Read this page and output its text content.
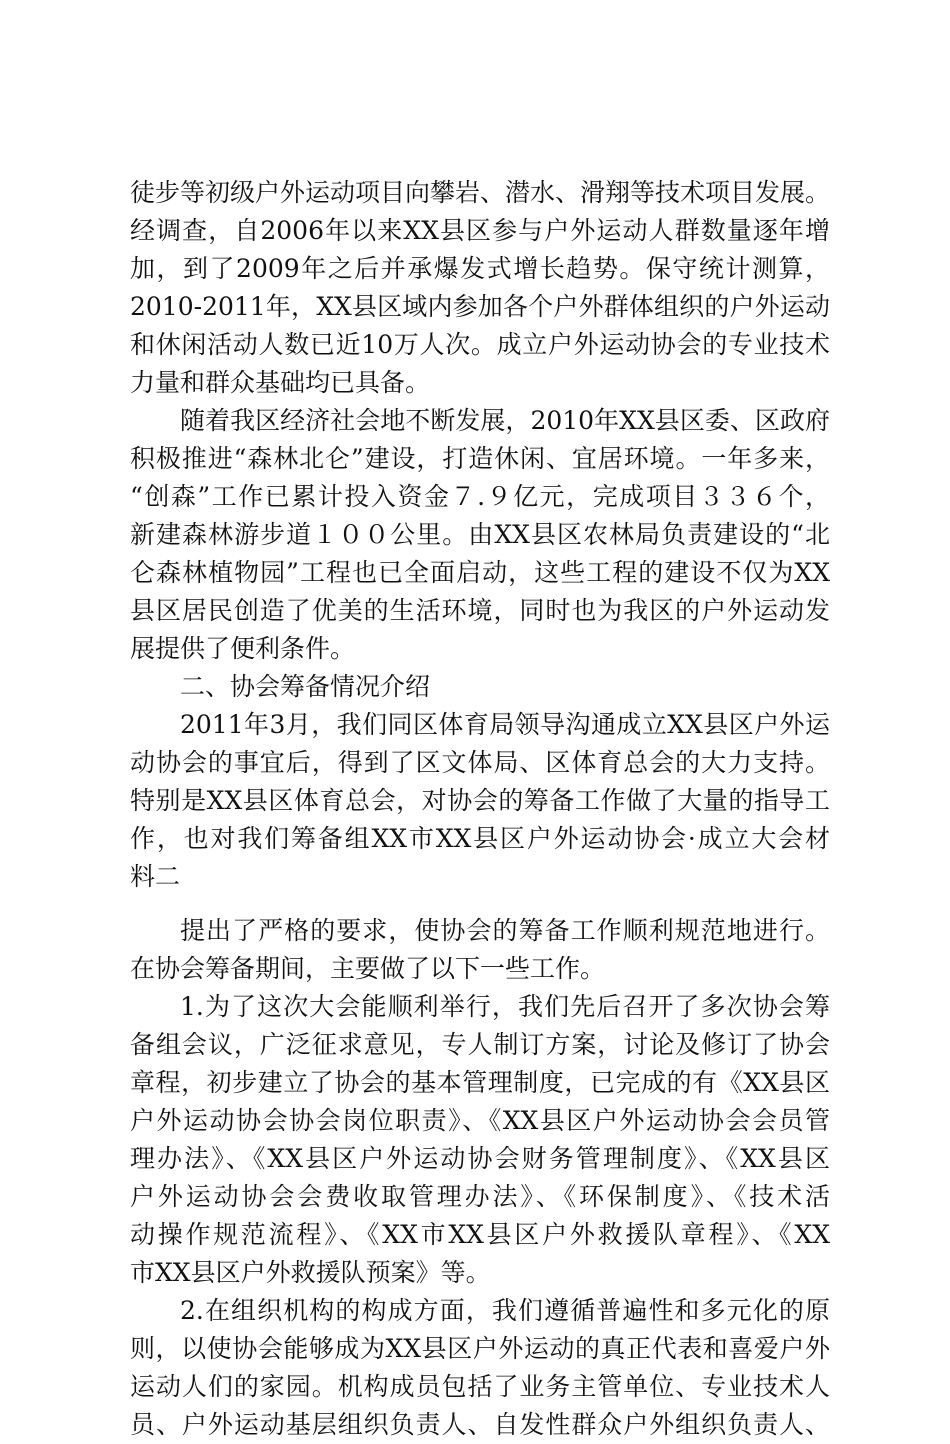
徒步等初级户外运动项目向攀岩、潜水、滑翔等技术项目发展。
经调查，自2006年以来XX县区参与户外运动人群数量逐年增
加，到了2009年之后并承爆发式增长趋势。保守统计测算，
2010-2011年，XX县区域内参加各个户外群体组织的户外运动
和休闲活动人数已近10万人次。成立户外运动协会的专业技术
力量和群众基础均已具备。
随着我区经济社会地不断发展，2010年XX县区委、区政府
积极推进“森林北仑”建设，打造休闲、宜居环境。一年多来，
“创森”工作已累计投入资金７.９亿元，完成项目３３６个，
新建森林游步道１００公里。由XX县区农林局负责建设的“北
仑森林植物园”工程也已全面启动，这些工程的建设不仅为XX
县区居民创造了优美的生活环境，同时也为我区的户外运动发
展提供了便利条件。
二、协会筹备情况介绍
2011年3月，我们同区体育局领导沟通成立XX县区户外运
动协会的事宜后，得到了区文体局、区体育总会的大力支持。
特别是XX县区体育总会，对协会的筹备工作做了大量的指导工
作，也对我们筹备组XX市XX县区户外运动协会·成立大会材
料二
提出了严格的要求，使协会的筹备工作顺利规范地进行。
在协会筹备期间，主要做了以下一些工作。
1.为了这次大会能顺利举行，我们先后召开了多次协会筹
备组会议，广泛征求意见，专人制订方案，讨论及修订了协会
章程，初步建立了协会的基本管理制度，已完成的有《XX县区
户外运动协会协会岗位职责》、《XX县区户外运动协会会员管
理办法》、《XX县区户外运动协会财务管理制度》、《XX县区
户外运动协会会费收取管理办法》、《环保制度》、《技术活
动操作规范流程》、《XX市XX县区户外救援队章程》、《XX
市XX县区户外救援队预案》等。
2.在组织机构的构成方面，我们遵循普遍性和多元化的原
则，以使协会能够成为XX县区户外运动的真正代表和喜爱户外
运动人们的家园。机构成员包括了业务主管单位、专业技术人
员、户外运动基层组织负责人、自发性群众户外组织负责人、
